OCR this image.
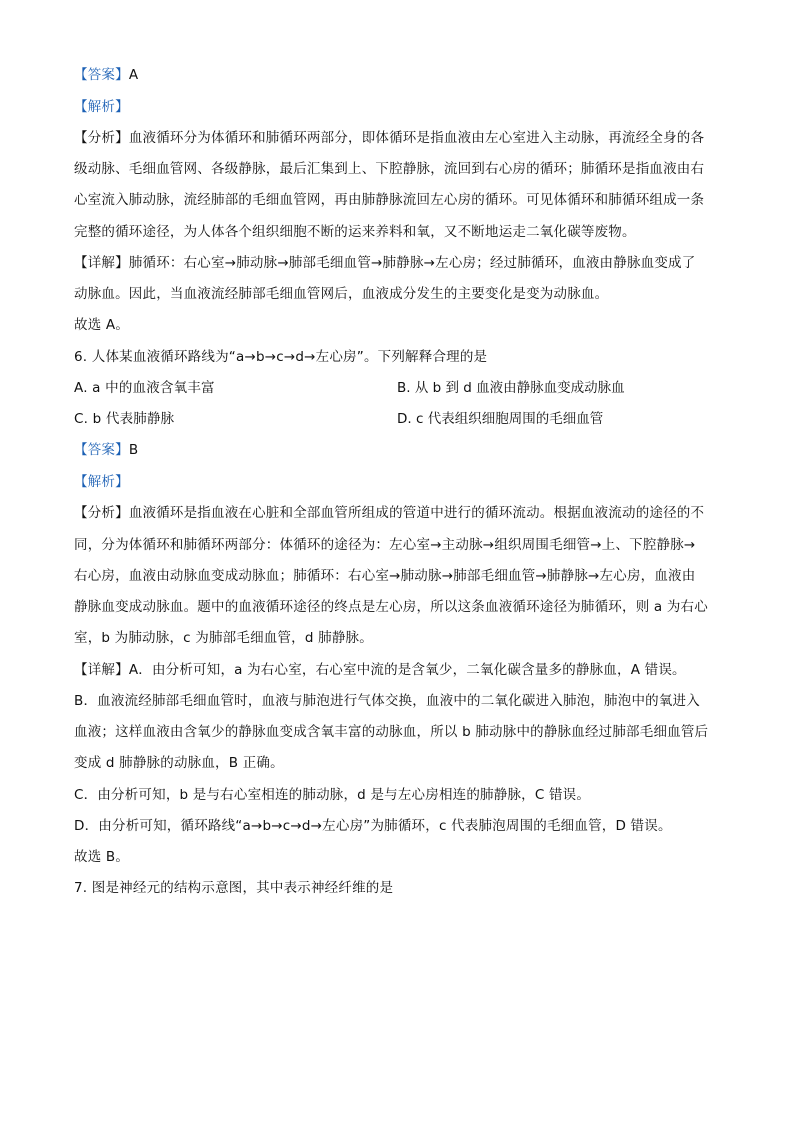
【答案】A
【解析】
【分析】血液循环分为体循环和肺循环两部分，即体循环是指血液由左心室进入主动脉，再流经全身的各
级动脉、毛细血管网、各级静脉，最后汇集到上、下腔静脉，流回到右心房的循环；肺循环是指血液由右
心室流入肺动脉，流经肺部的毛细血管网，再由肺静脉流回左心房的循环。可见体循环和肺循环组成一条
完整的循环途径，为人体各个组织细胞不断的运来养料和氧，又不断地运走二氧化碳等废物。
【详解】肺循环：右心室→肺动脉→肺部毛细血管→肺静脉→左心房；经过肺循环，血液由静脉血变成了
动脉血。因此，当血液流经肺部毛细血管网后，血液成分发生的主要变化是变为动脉血。
故选 A。
6. 人体某血液循环路线为“a→b→c→d→左心房”。下列解释合理的是
A. a 中的血液含氧丰富	B. 从 b 到 d 血液由静脉血变成动脉血
C. b 代表肺静脉	D. c 代表组织细胞周围的毛细血管
【答案】B
【解析】
【分析】血液循环是指血液在心脏和全部血管所组成的管道中进行的循环流动。根据血液流动的途径的不
同，分为体循环和肺循环两部分：体循环的途径为：左心室→主动脉→组织周围毛细管→上、下腔静脉→
右心房，血液由动脉血变成动脉血；肺循环：右心室→肺动脉→肺部毛细血管→肺静脉→左心房，血液由
静脉血变成动脉血。题中的血液循环途径的终点是左心房，所以这条血液循环途径为肺循环，则 a 为右心
室，b 为肺动脉，c 为肺部毛细血管，d 肺静脉。
【详解】A．由分析可知，a 为右心室，右心室中流的是含氧少，二氧化碳含量多的静脉血，A 错误。
B．血液流经肺部毛细血管时，血液与肺泡进行气体交换，血液中的二氧化碳进入肺泡，肺泡中的氧进入
血液；这样血液由含氧少的静脉血变成含氧丰富的动脉血，所以 b 肺动脉中的静脉血经过肺部毛细血管后
变成 d 肺静脉的动脉血，B 正确。
C．由分析可知，b 是与右心室相连的肺动脉，d 是与左心房相连的肺静脉，C 错误。
D．由分析可知，循环路线“a→b→c→d→左心房”为肺循环，c 代表肺泡周围的毛细血管，D 错误。
故选 B。
7. 图是神经元的结构示意图，其中表示神经纤维的是
